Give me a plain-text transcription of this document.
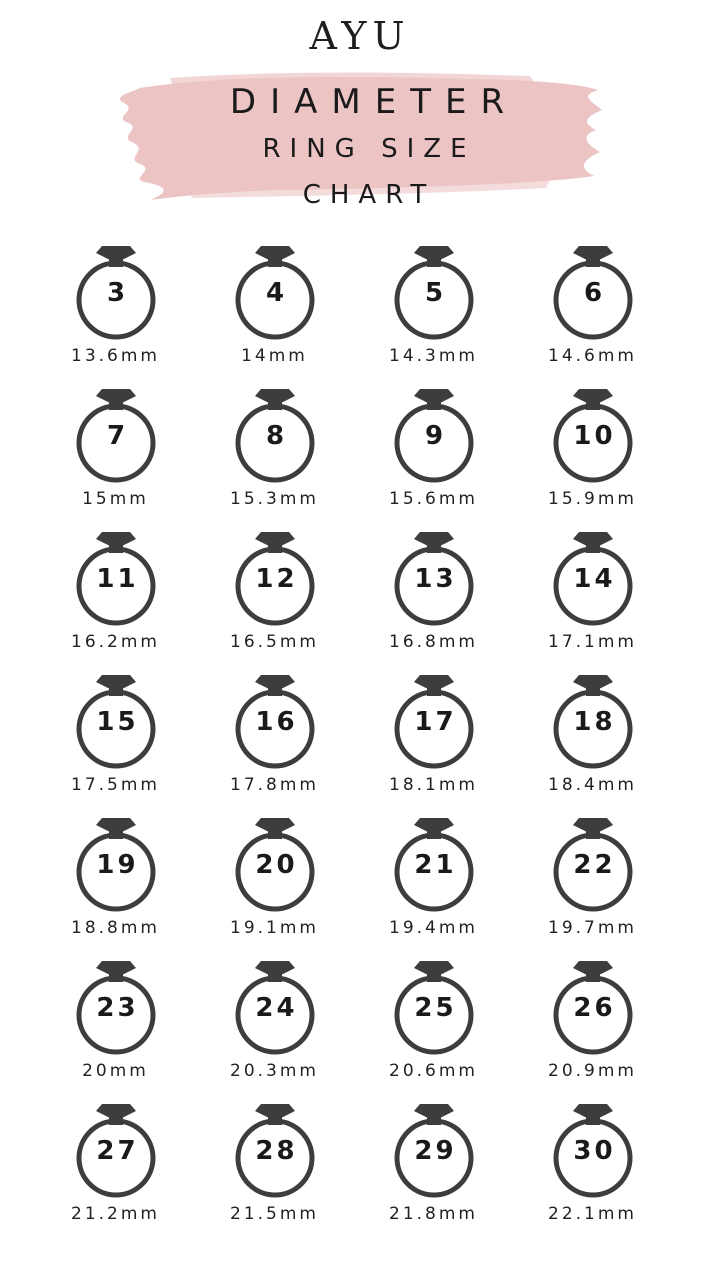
AYU
DIAMETER
RING SIZE
CHART
3
13.6mm
4
14mm
5
14.3mm
6
14.6mm
7
15mm
8
15.3mm
9
15.6mm
10
15.9mm
11
16.2mm
12
16.5mm
13
16.8mm
14
17.1mm
15
17.5mm
16
17.8mm
17
18.1mm
18
18.4mm
19
18.8mm
20
19.1mm
21
19.4mm
22
19.7mm
23
20mm
24
20.3mm
25
20.6mm
26
20.9mm
27
21.2mm
28
21.5mm
29
21.8mm
30
22.1mm
